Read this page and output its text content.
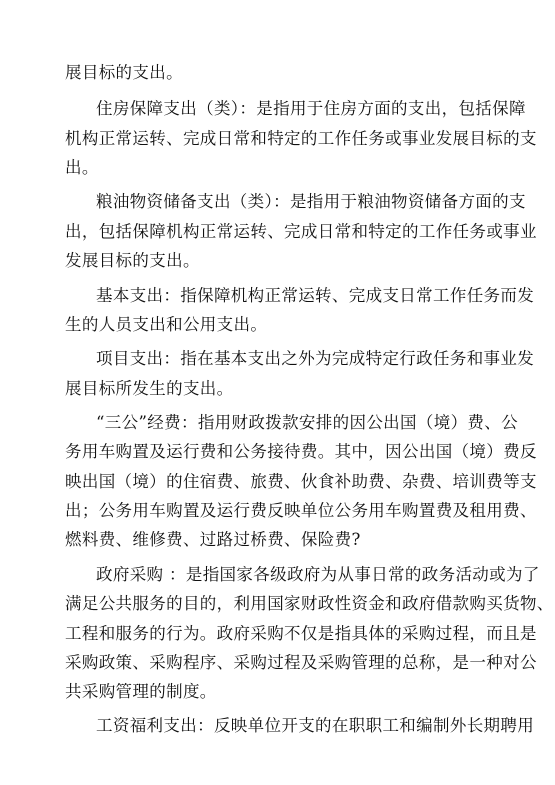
展目标的支出。
住房保障支出（类）：是指用于住房方面的支出，包括保障
机构正常运转、完成日常和特定的工作任务或事业发展目标的支
出。
粮油物资储备支出（类）：是指用于粮油物资储备方面的支
出，包括保障机构正常运转、完成日常和特定的工作任务或事业
发展目标的支出。
基本支出：指保障机构正常运转、完成支日常工作任务而发
生的人员支出和公用支出。
项目支出：指在基本支出之外为完成特定行政任务和事业发
展目标所发生的支出。
“三公”经费：指用财政拨款安排的因公出国（境）费、公
务用车购置及运行费和公务接待费。其中，因公出国（境）费反
映出国（境）的住宿费、旅费、伙食补助费、杂费、培训费等支
出；公务用车购置及运行费反映单位公务用车购置费及租用费、
燃料费、维修费、过路过桥费、保险费?
政府采购 ：是指国家各级政府为从事日常的政务活动或为了
满足公共服务的目的，利用国家财政性资金和政府借款购买货物、
工程和服务的行为。政府采购不仅是指具体的采购过程，而且是
采购政策、采购程序、采购过程及采购管理的总称，是一种对公
共采购管理的制度。
工资福利支出：反映单位开支的在职职工和编制外长期聘用
